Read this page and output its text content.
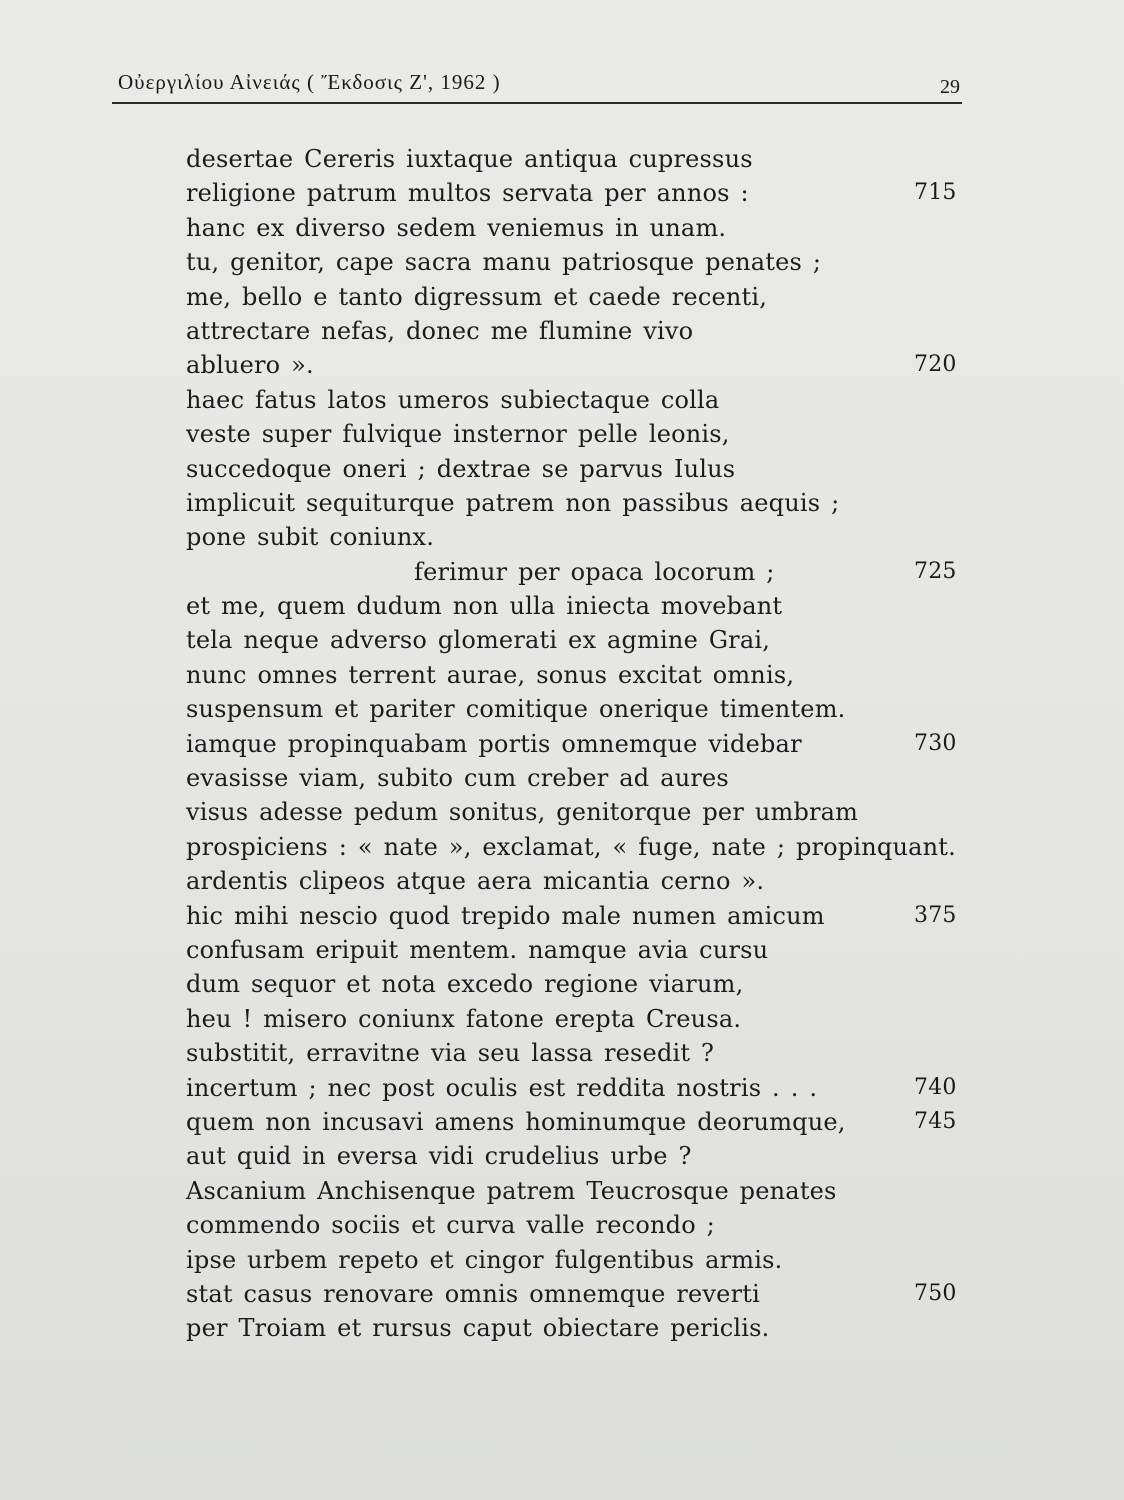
Οὐεργιλίου Αἰνειάς ( Ἔκδοσις Ζ', 1962 )	29
desertae Cereris iuxtaque antiqua cupressus
religione patrum multos servata per annos :	715
hanc ex diverso sedem veniemus in unam.
tu, genitor, cape sacra manu patriosque penates ;
me, bello e tanto digressum et caede recenti,
attrectare nefas, donec me flumine vivo
abluero ».	720
haec fatus latos umeros subiectaque colla
veste super fulvique insternor pelle leonis,
succedoque oneri ; dextrae se parvus Iulus
implicuit sequiturque patrem non passibus aequis ;
pone subit coniunx.
ferimur per opaca locorum ;	725
et me, quem dudum non ulla iniecta movebant
tela neque adverso glomerati ex agmine Grai,
nunc omnes terrent aurae, sonus excitat omnis,
suspensum et pariter comitique onerique timentem.
iamque propinquabam portis omnemque videbar	730
evasisse viam, subito cum creber ad aures
visus adesse pedum sonitus, genitorque per umbram
prospiciens : « nate », exclamat, « fuge, nate ; propinquant.
ardentis clipeos atque aera micantia cerno ».
hic mihi nescio quod trepido male numen amicum	375
confusam eripuit mentem. namque avia cursu
dum sequor et nota excedo regione viarum,
heu ! misero coniunx fatone erepta Creusa.
substitit, erravitne via seu lassa resedit ?
incertum ; nec post oculis est reddita nostris . . .	740
quem non incusavi amens hominumque deorumque,	745
aut quid in eversa vidi crudelius urbe ?
Ascanium Anchisenque patrem Teucrosque penates
commendo sociis et curva valle recondo ;
ipse urbem repeto et cingor fulgentibus armis.
stat casus renovare omnis omnemque reverti	750
per Troiam et rursus caput obiectare periclis.
